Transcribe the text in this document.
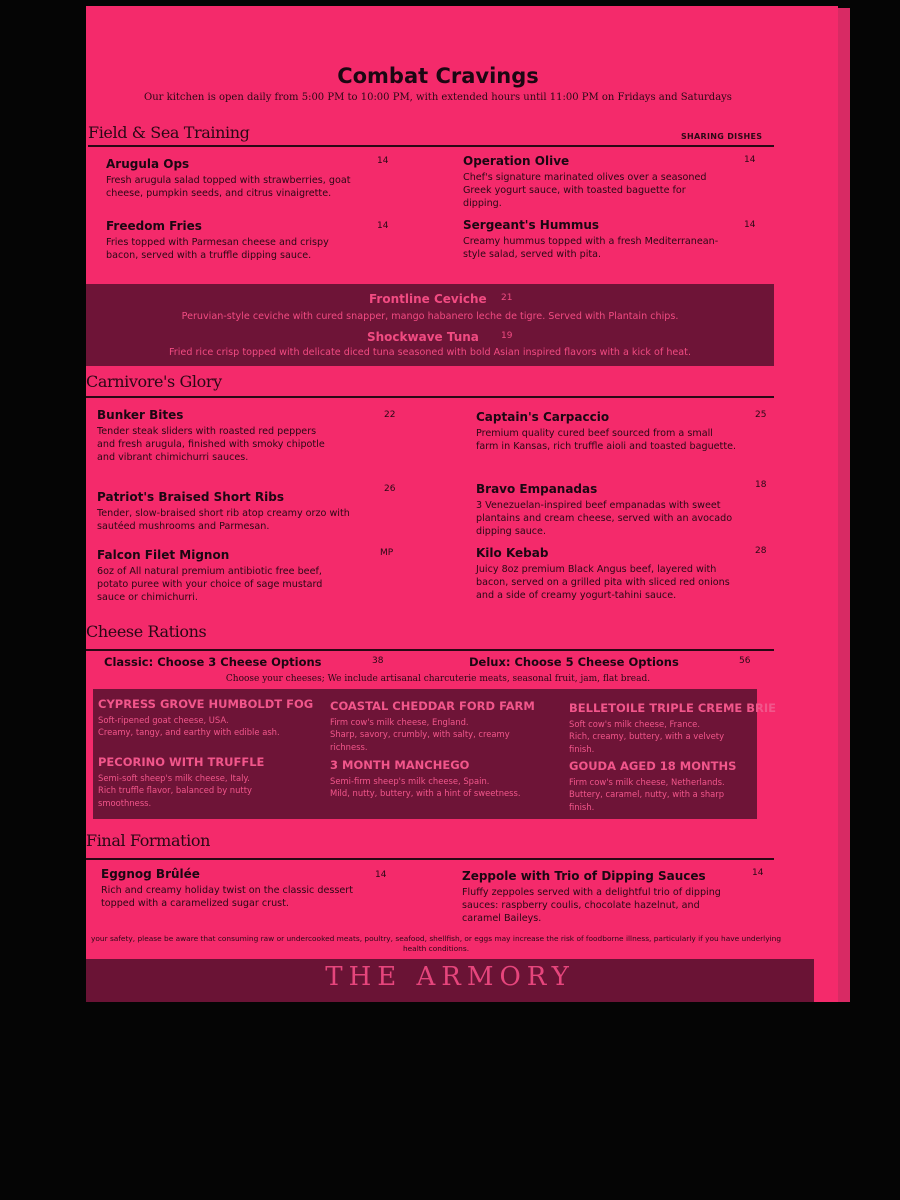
Combat Cravings
Our kitchen is open daily from 5:00 PM to 10:00 PM, with extended hours until 11:00 PM on Fridays and Saturdays
Field & Sea Training	SHARING DISHES
Arugula Ops
Fresh arugula salad topped with strawberries, goat cheese, pumpkin seeds, and citrus vinaigrette.
14	Operation Olive
Chef's signature marinated olives over a seasoned Greek yogurt sauce, with toasted baguette for dipping.
14
Freedom Fries
Fries topped with Parmesan cheese and crispy bacon, served with a truffle dipping sauce.
14	Sergeant's Hummus
Creamy hummus topped with a fresh Mediterranean-style salad, served with pita.
14
Frontline Ceviche 21
Peruvian-style ceviche with cured snapper, mango habanero leche de tigre. Served with Plantain chips.
Shockwave Tuna 19
Fried rice crisp topped with delicate diced tuna seasoned with bold Asian inspired flavors with a kick of heat.
Carnivore's Glory
Bunker Bites
Tender steak sliders with roasted red peppers and fresh arugula, finished with smoky chipotle and vibrant chimichurri sauces.
22	Captain's Carpaccio
Premium quality cured beef sourced from a small farm in Kansas, rich truffle aioli and toasted baguette.
25
Patriot's Braised Short Ribs
Tender, slow-braised short rib atop creamy orzo with sautéed mushrooms and Parmesan.
26	Bravo Empanadas
3 Venezuelan-inspired beef empanadas with sweet plantains and cream cheese, served with an avocado dipping sauce.
18
Falcon Filet Mignon
6oz of All natural premium antibiotic free beef, potato puree with your choice of sage mustard sauce or chimichurri.
MP	Kilo Kebab
Juicy 8oz premium Black Angus beef, layered with bacon, served on a grilled pita with sliced red onions and a side of creamy yogurt-tahini sauce.
28
Cheese Rations
Classic: Choose 3 Cheese Options	38	Delux: Choose 5 Cheese Options	56
Choose your cheeses; We include artisanal charcuterie meats, seasonal fruit, jam, flat bread.
CYPRESS GROVE HUMBOLDT FOG
Soft-ripened goat cheese, USA.
Creamy, tangy, and earthy with edible ash.
COASTAL CHEDDAR FORD FARM
Firm cow's milk cheese, England.
Sharp, savory, crumbly, with salty, creamy richness.
BELLETOILE TRIPLE CREME BRIE
Soft cow's milk cheese, France.
Rich, creamy, buttery, with a velvety finish.
PECORINO WITH TRUFFLE
Semi-soft sheep's milk cheese, Italy.
Rich truffle flavor, balanced by nutty smoothness.
3 MONTH MANCHEGO
Semi-firm sheep's milk cheese, Spain.
Mild, nutty, buttery, with a hint of sweetness.
GOUDA AGED 18 MONTHS
Firm cow's milk cheese, Netherlands.
Buttery, caramel, nutty, with a sharp finish.
Final Formation
Eggnog Brûlée
Rich and creamy holiday twist on the classic dessert topped with a caramelized sugar crust.
14	Zeppole with Trio of Dipping Sauces
Fluffy zeppoles served with a delightful trio of dipping sauces: raspberry coulis, chocolate hazelnut, and caramel Baileys.
14
your safety, please be aware that consuming raw or undercooked meats, poultry, seafood, shellfish, or eggs may increase the risk of foodborne illness, particularly if you have underlying health conditions.
THE ARMORY
